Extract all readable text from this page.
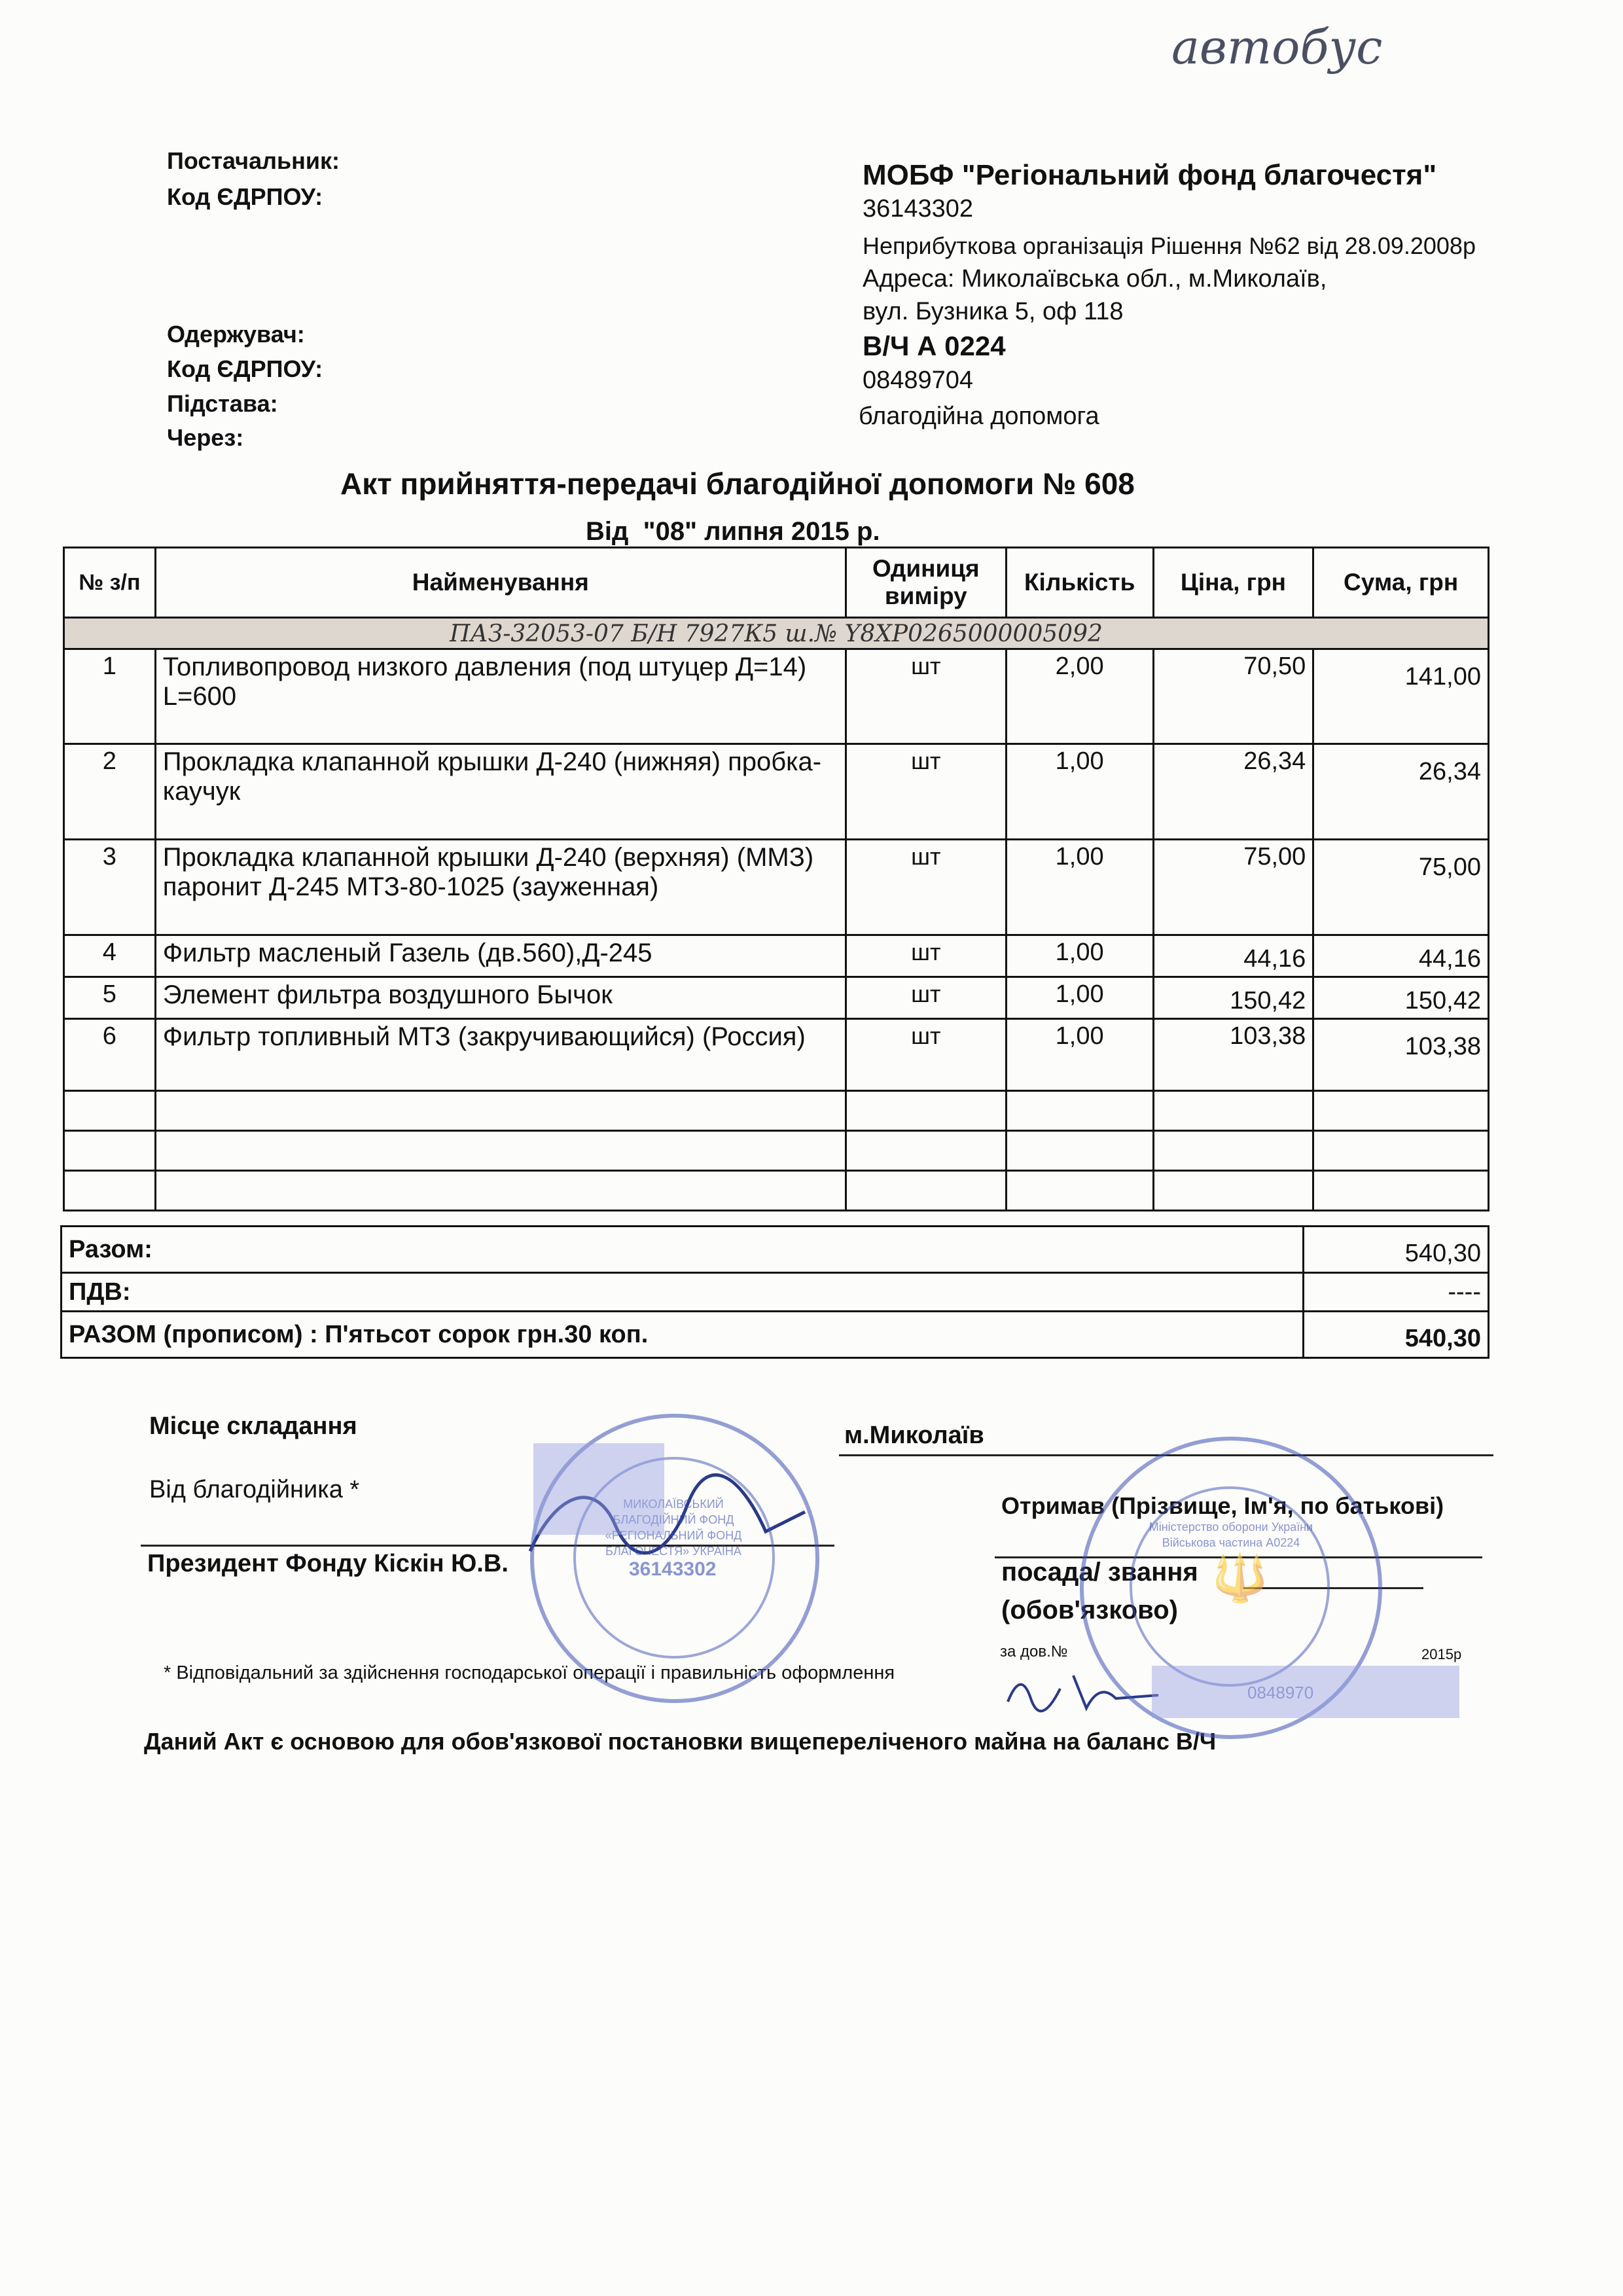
автобус
Постачальник:
Код ЄДРПОУ:
МОБФ "Регіональний фонд благочестя"
36143302
Неприбуткова організація Рішення №62 від 28.09.2008р
Адреса: Миколаївська обл., м.Миколаїв,
вул. Бузника 5, оф 118
Одержувач:
Код ЄДРПОУ:
Підстава:
Через:
В/Ч А 0224
08489704
благодійна допомога
Акт прийняття-передачі благодійної допомоги № 608
Від  "08" липня 2015 р.
№ з/п	Найменування	Одиниця виміру	Кількість	Ціна, грн	Сума, грн
ПАЗ-32053-07 Б/Н 7927К5 ш.№ Y8XP0265000005092					
1	Топливопровод низкого давления (под штуцер Д=14) L=600	шт	2,00	70,50	141,00
2	Прокладка клапанной крышки Д-240 (нижняя) пробка-каучук	шт	1,00	26,34	26,34
3	Прокладка клапанной крышки Д-240 (верхняя) (ММЗ) паронит Д-245 МТЗ-80-1025 (зауженная)	шт	1,00	75,00	75,00
4	Фильтр масленый Газель (дв.560),Д-245	шт	1,00	44,16	44,16
5	Элемент фильтра воздушного Бычок	шт	1,00	150,42	150,42
6	Фильтр топливный МТЗ (закручивающийся) (Россия)	шт	1,00	103,38	103,38

Разом:	540,30
ПДВ:	----
РАЗОМ (прописом) : П'ятьсот сорок грн.30 коп.	540,30
Місце складання	м.Миколаїв
Від благодійника *
Отримав (Прізвище, Ім'я, по батькові)
Президент Фонду Кіскін Ю.В.	посада/ звання
(обов'язково)
за дов.№	2015р
* Відповідальний за здійснення господарської операції і правильність оформлення
Даний Акт є основою для обов'язкової постановки вищепереліченого майна на баланс В/Ч
МИКОЛАЇВСЬКИЙ БЛАГОДІЙНИЙ ФОНД «РЕГІОНАЛЬНИЙ ФОНД БЛАГОЧЕСТЯ» УКРАЇНА
36143302
Міністерство оборони України Військова частина А0224
🔱
0848970
